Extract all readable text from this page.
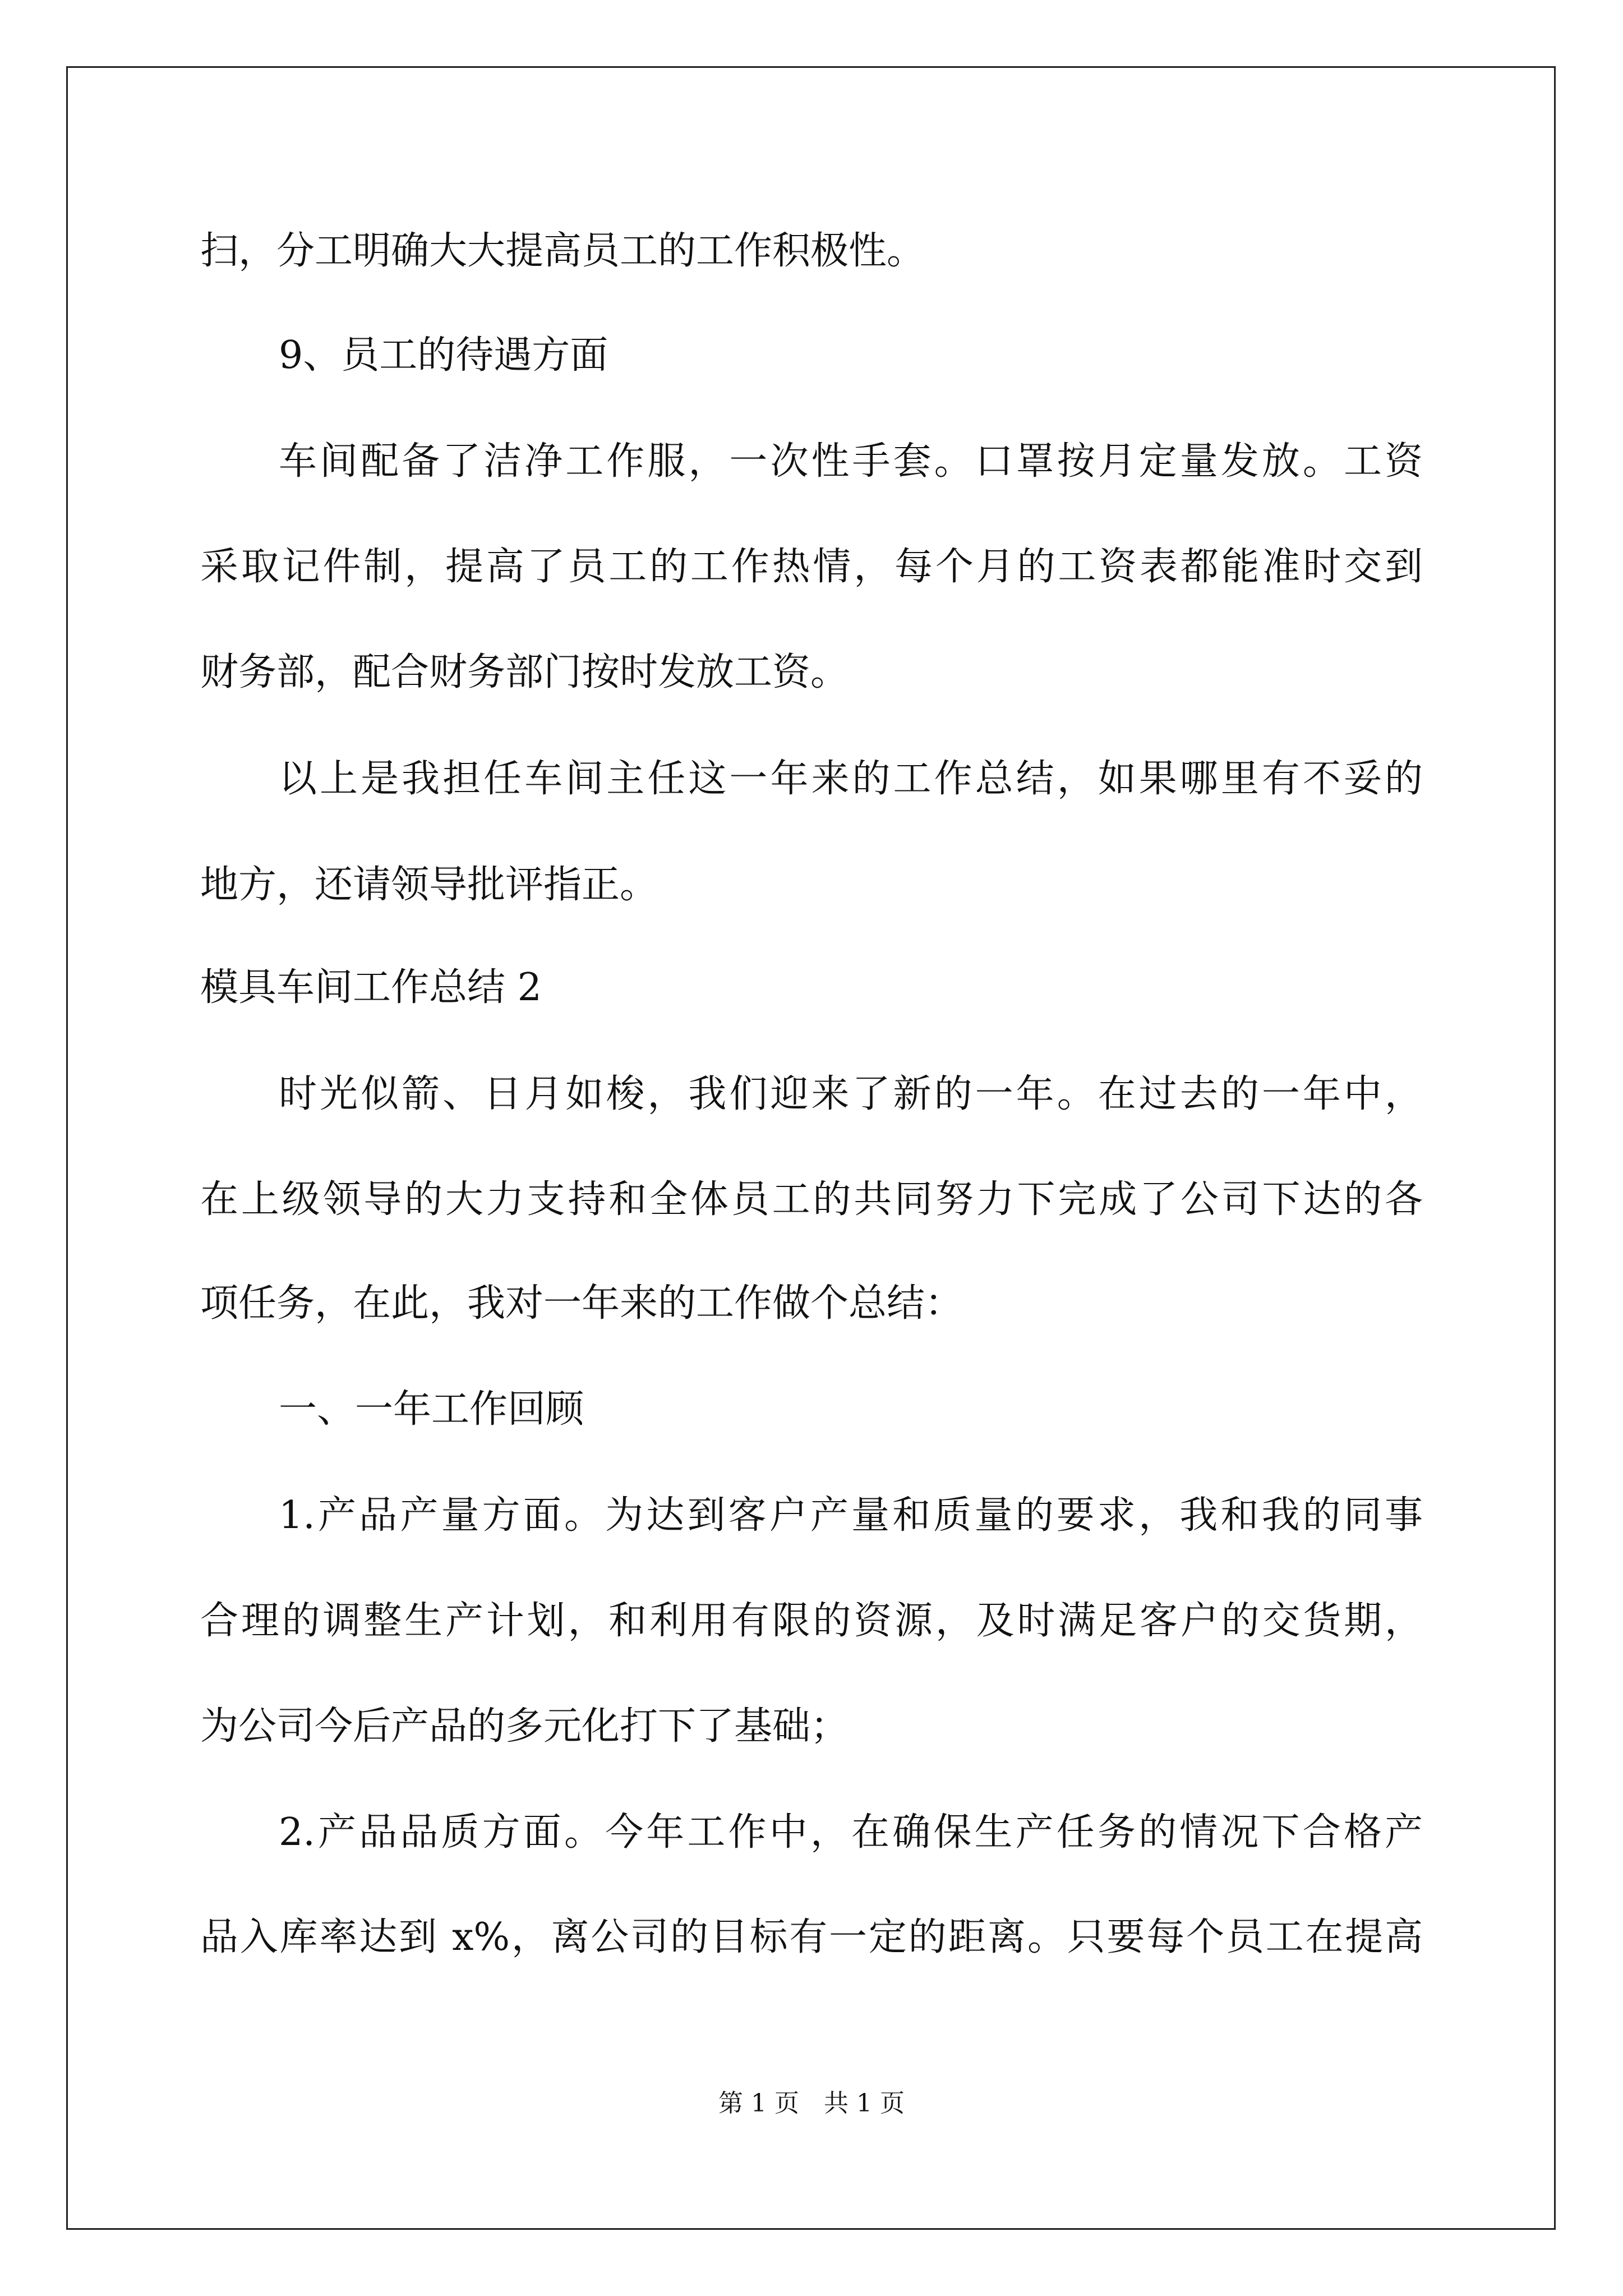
扫，分工明确大大提高员工的工作积极性。
9、员工的待遇方面
车间配备了洁净工作服，一次性手套。口罩按月定量发放。工资
采取记件制，提高了员工的工作热情，每个月的工资表都能准时交到
财务部，配合财务部门按时发放工资。
以上是我担任车间主任这一年来的工作总结，如果哪里有不妥的
地方，还请领导批评指正。
模具车间工作总结 2
时光似箭、日月如梭，我们迎来了新的一年。在过去的一年中，
在上级领导的大力支持和全体员工的共同努力下完成了公司下达的各
项任务，在此，我对一年来的工作做个总结：
一、一年工作回顾
1.产品产量方面。为达到客户产量和质量的要求，我和我的同事
合理的调整生产计划，和利用有限的资源，及时满足客户的交货期，
为公司今后产品的多元化打下了基础；
2.产品品质方面。今年工作中，在确保生产任务的情况下合格产
品入库率达到 x%，离公司的目标有一定的距离。只要每个员工在提高
第 1 页　共 1 页
